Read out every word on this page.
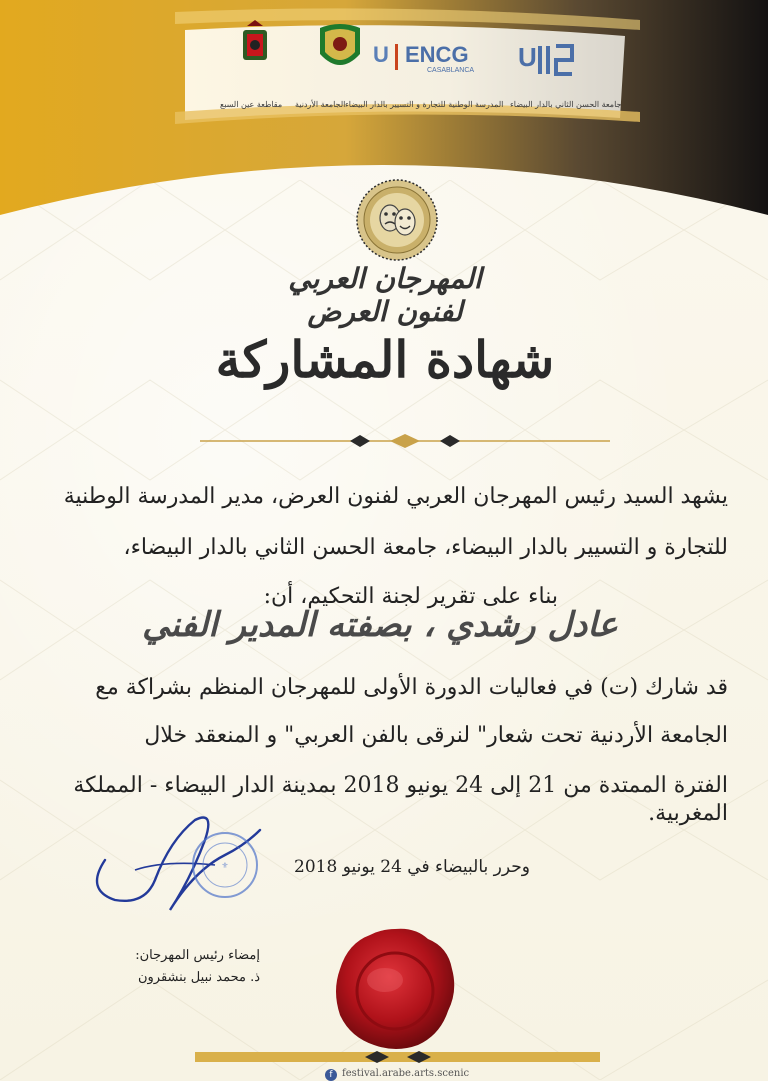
مقاطعة عين السبع الجامعة الأردنية
U ENCG
CASABLANCA
المدرسة الوطنية للتجارة و التسيير بالدار البيضاء
U
جامعة الحسن الثاني بالدار البيضاء
المهرجان العربي لفنون العرض
شهادة المشاركة
يشهد السيد رئيس المهرجان العربي لفنون العرض، مدير المدرسة الوطنية
للتجارة و التسيير بالدار البيضاء، جامعة الحسن الثاني بالدار البيضاء،
بناء على تقرير لجنة التحكيم، أن:
عادل رشدي ، بصفته المدير الفني
قد شارك (ت) في فعاليات الدورة الأولى للمهرجان المنظم بشراكة مع
الجامعة الأردنية تحت شعار" لنرقى بالفن العربي" و المنعقد خلال
الفترة الممتدة من 21 إلى 24 يونيو 2018 بمدينة الدار البيضاء - المملكة المغربية.
وحرر بالبيضاء في 24 يونيو 2018
⚜
إمضاء رئيس المهرجان:
ذ. محمد نبيل بنشقرون
f festival.arabe.arts.scenic
